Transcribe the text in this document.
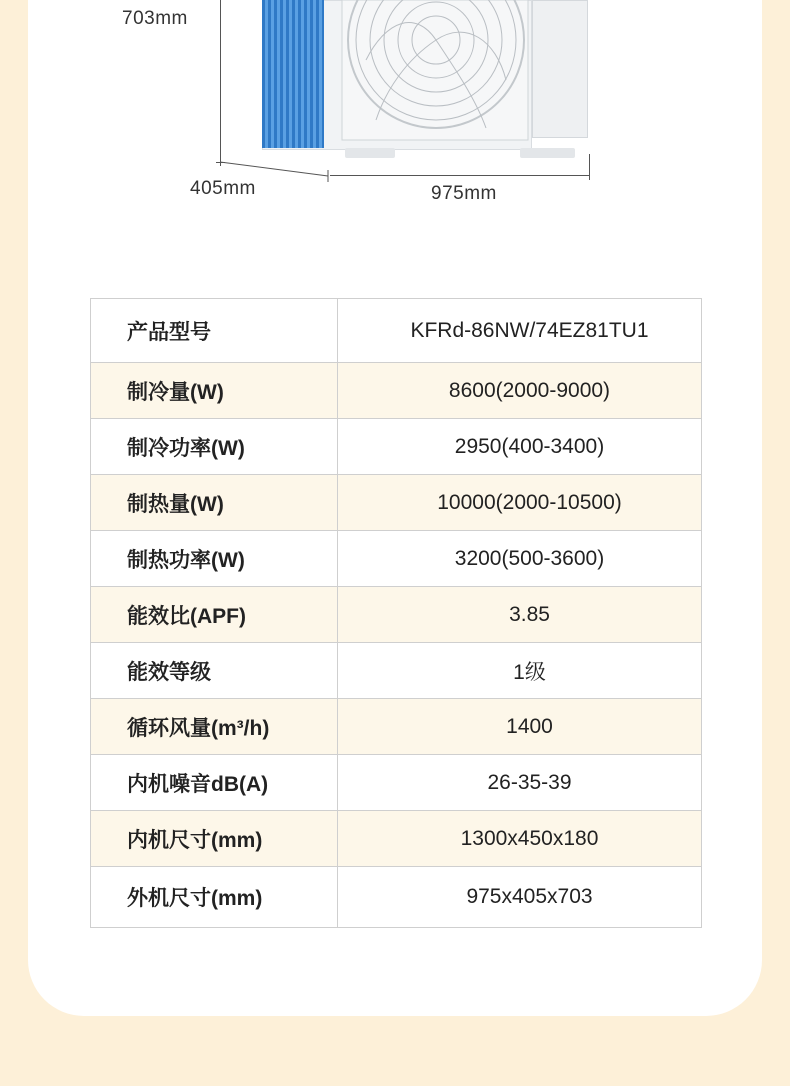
703mm
405mm	975mm
产品型号	KFRd-86NW/74EZ81TU1
制冷量(W)	8600(2000-9000)
制冷功率(W)	2950(400-3400)
制热量(W)	10000(2000-10500)
制热功率(W)	3200(500-3600)
能效比(APF)	3.85
能效等级	1级
循环风量(m³/h)	1400
内机噪音dB(A)	26-35-39
内机尺寸(mm)	1300x450x180
外机尺寸(mm)	975x405x703
